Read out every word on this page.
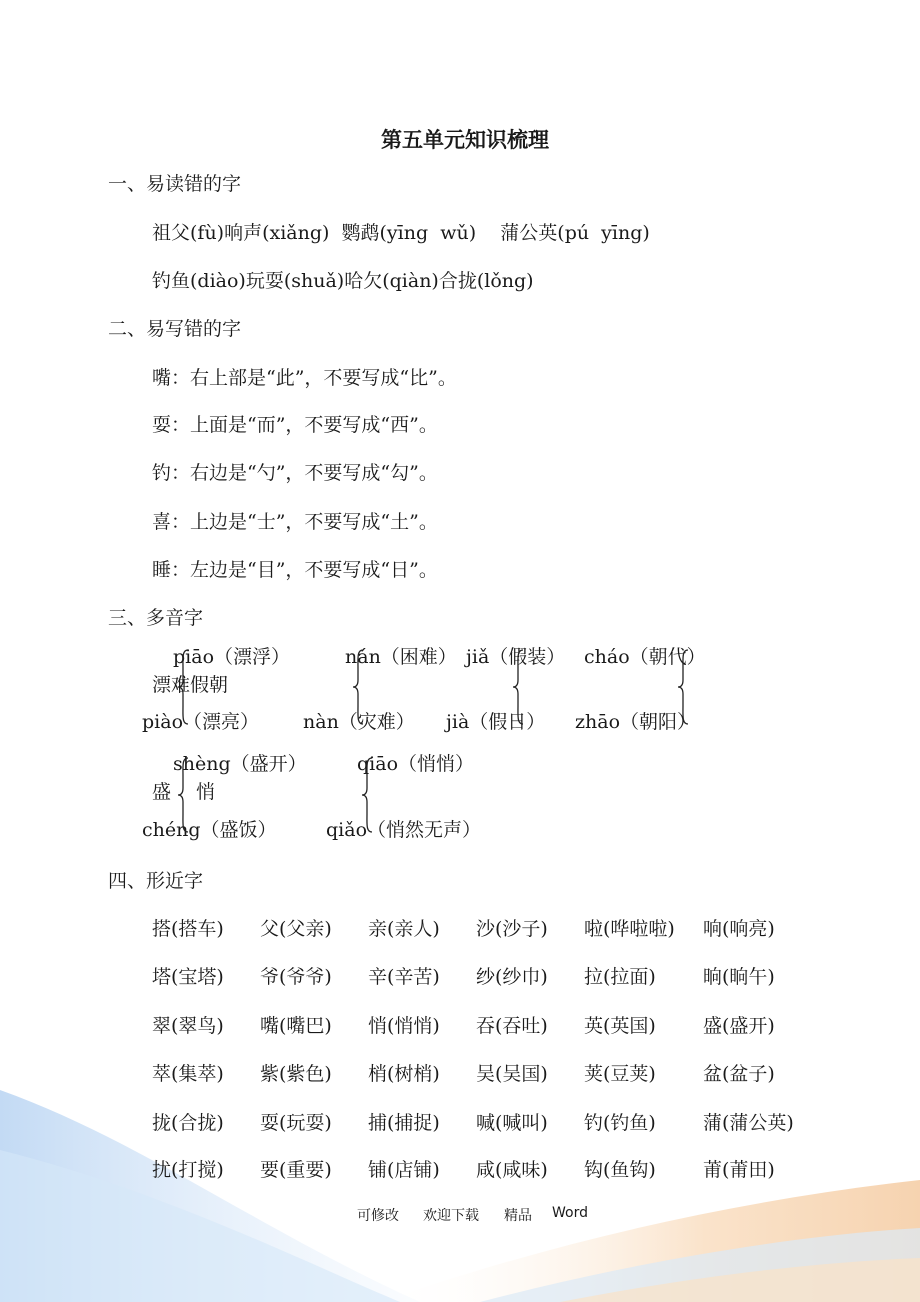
第五单元知识梳理
一、易读错的字
祖父(fù)响声(xiǎng)  鹦鹉(yīng  wǔ)    蒲公英(pú  yīng)
钓鱼(diào)玩耍(shuǎ)哈欠(qiàn)合拢(lǒng)
二、易写错的字
嘴：右上部是“此”，不要写成“比”。
耍：上面是“而”，不要写成“西”。
钓：右边是“勺”，不要写成“勾”。
喜：上边是“士”，不要写成“土”。
睡：左边是“目”，不要写成“日”。
三、多音字
piāo（漂浮）	nán（困难） jiǎ（假装） cháo（朝代）
漂难假朝
piào（漂亮） nàn（灾难） jià（假日） zhāo（朝阳）
shèng（盛开）	qiāo（悄悄）
盛 悄
chéng（盛饭）	qiǎo（悄然无声）
四、形近字
搭(搭车) 父(父亲) 亲(亲人) 沙(沙子) 啦(哗啦啦) 响(响亮)
塔(宝塔) 爷(爷爷) 辛(辛苦) 纱(纱巾) 拉(拉面) 晌(晌午)
翠(翠鸟) 嘴(嘴巴) 悄(悄悄) 吞(吞吐) 英(英国) 盛(盛开)
萃(集萃) 紫(紫色) 梢(树梢) 吴(吴国) 荚(豆荚) 盆(盆子)
拢(合拢) 耍(玩耍) 捕(捕捉) 喊(喊叫) 钓(钓鱼) 蒲(蒲公英)
扰(打搅) 要(重要) 铺(店铺) 咸(咸味) 钩(鱼钩) 莆(莆田)
可修改 欢迎下载 精品 Word
